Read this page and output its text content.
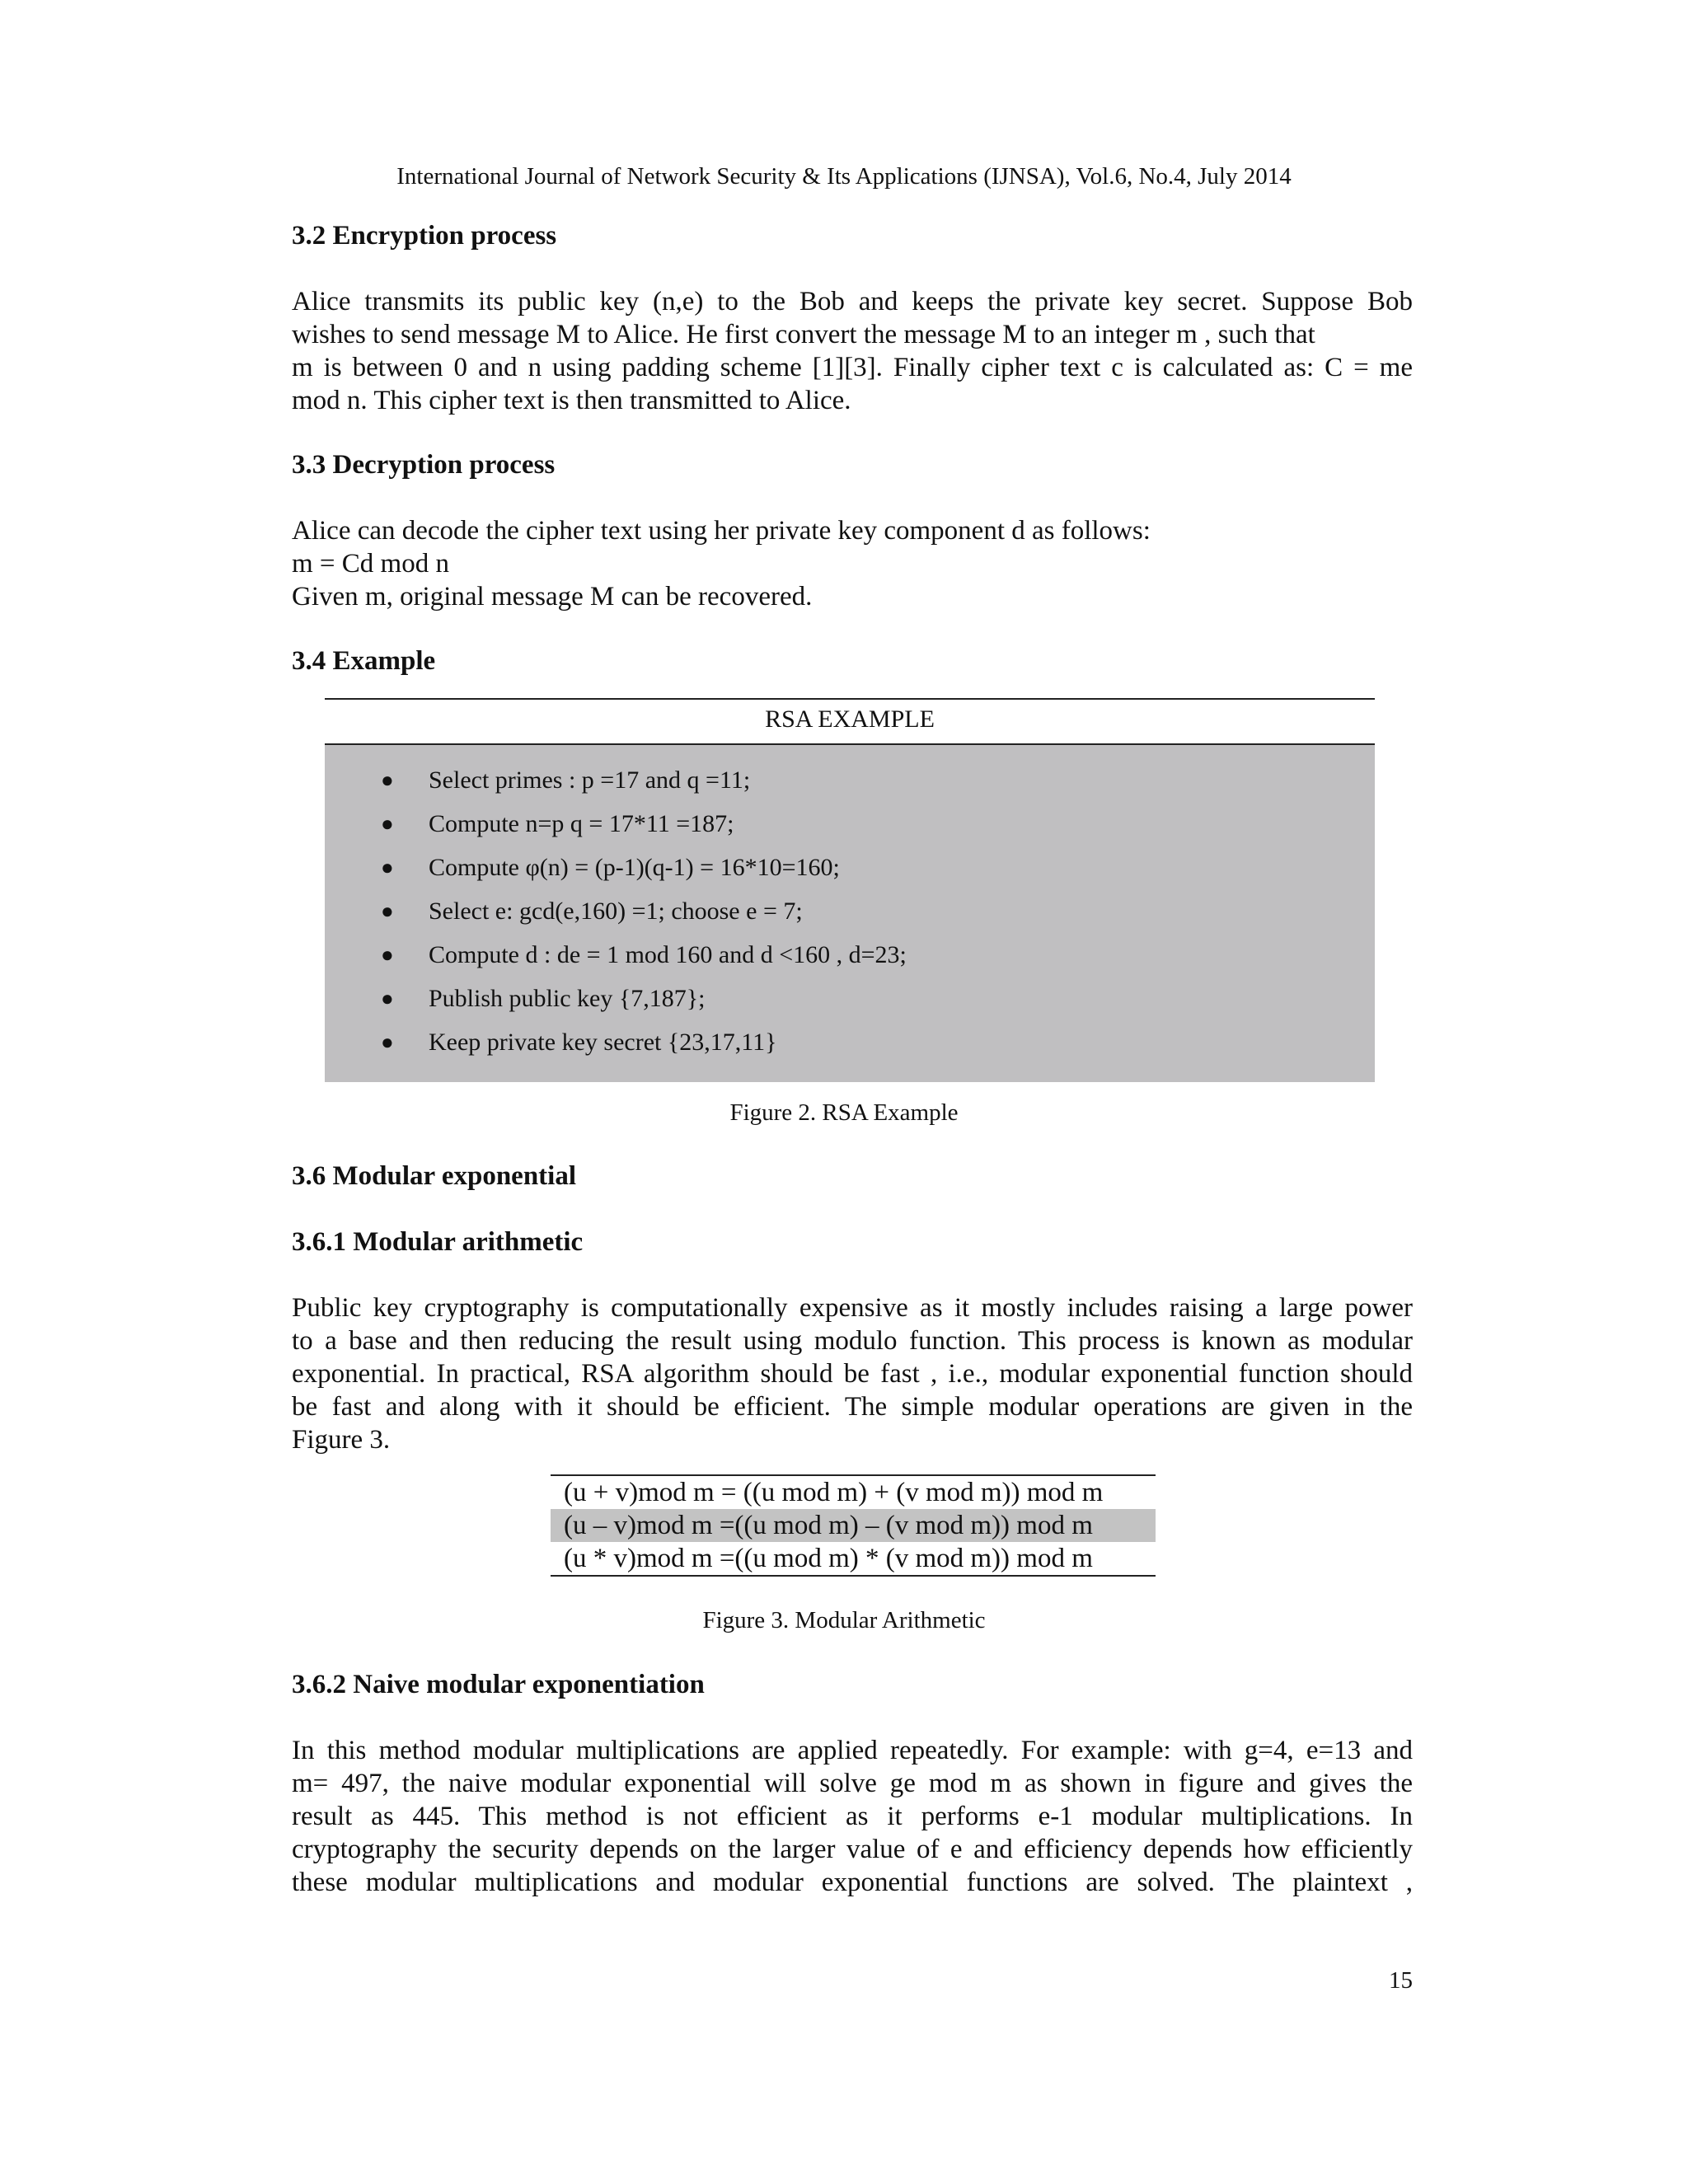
International Journal of Network Security & Its Applications (IJNSA), Vol.6, No.4, July 2014
3.2 Encryption process
Alice transmits its public key (n,e) to the Bob and keeps the private key secret. Suppose Bob
wishes to send message M to Alice. He first convert the message M to an integer m , such that
m is between 0 and n using padding scheme [1][3]. Finally cipher text c is calculated as: C = me
mod n. This cipher text is then transmitted to Alice.
3.3 Decryption process
Alice can decode the cipher text using her private key component d as follows:
m = Cd mod n
Given m, original message M can be recovered.
3.4 Example
RSA EXAMPLE
● Select primes : p =17 and q =11;
● Compute n=p q = 17*11 =187;
● Compute φ(n) = (p-1)(q-1) = 16*10=160;
● Select e: gcd(e,160) =1; choose e = 7;
● Compute d : de = 1 mod 160 and d <160 , d=23;
● Publish public key {7,187};
● Keep private key secret {23,17,11}
Figure 2. RSA Example
3.6 Modular exponential
3.6.1 Modular arithmetic
Public key cryptography is computationally expensive as it mostly includes raising a large power
to a base and then reducing the result using modulo function. This process is known as modular
exponential. In practical, RSA algorithm should be fast , i.e., modular exponential function should
be fast and along with it should be efficient. The simple modular operations are given in the
Figure 3.
(u + v)mod m = ((u mod m) + (v mod m)) mod m
(u – v)mod m =((u mod m) – (v mod m)) mod m
(u * v)mod m =((u mod m) * (v mod m)) mod m
Figure 3. Modular Arithmetic
3.6.2 Naive modular exponentiation
In this method modular multiplications are applied repeatedly. For example: with g=4, e=13 and
m= 497, the naive modular exponential will solve ge mod m as shown in figure and gives the
result as 445. This method is not efficient as it performs e-1 modular multiplications. In
cryptography the security depends on the larger value of e and efficiency depends how efficiently
these modular multiplications and modular exponential functions are solved. The plaintext ,
15
